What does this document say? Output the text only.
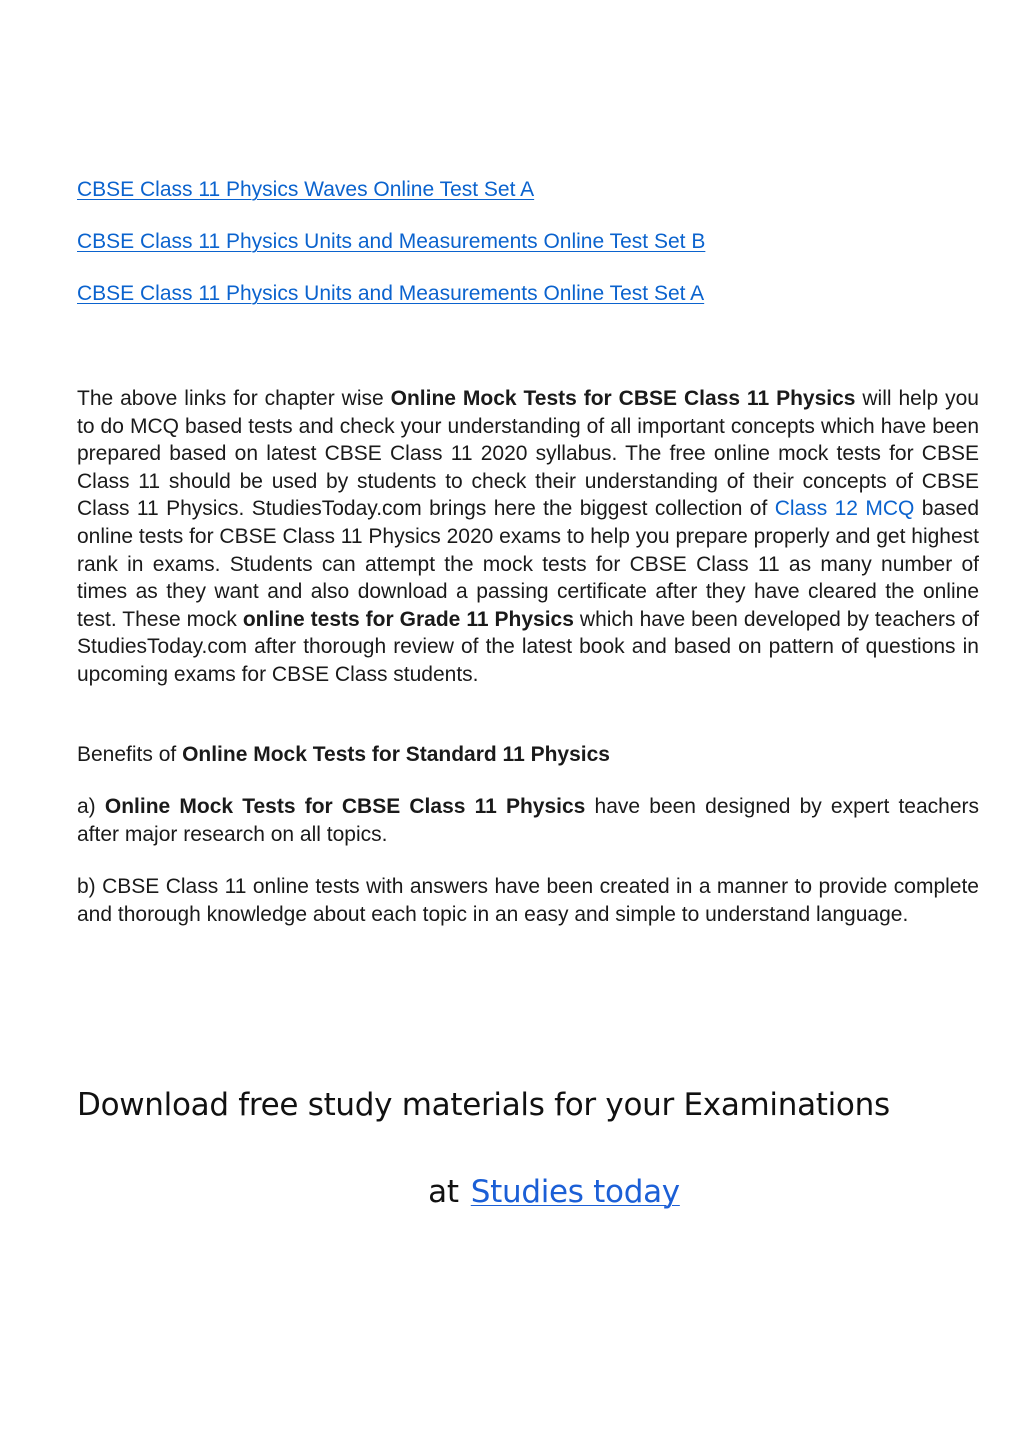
CBSE Class 11 Physics Waves Online Test Set A
CBSE Class 11 Physics Units and Measurements Online Test Set B
CBSE Class 11 Physics Units and Measurements Online Test Set A

The above links for chapter wise Online Mock Tests for CBSE Class 11 Physics will help you to do MCQ based tests and check your understanding of all important concepts which have been prepared based on latest CBSE Class 11 2020 syllabus. The free online mock tests for CBSE Class 11 should be used by students to check their understanding of their concepts of CBSE Class 11 Physics. StudiesToday.com brings here the biggest collection of Class 12 MCQ based online tests for CBSE Class 11 Physics 2020 exams to help you prepare properly and get highest rank in exams. Students can attempt the mock tests for CBSE Class 11 as many number of times as they want and also download a passing certificate after they have cleared the online test. These mock online tests for Grade 11 Physics which have been developed by teachers of StudiesToday.com after thorough review of the latest book and based on pattern of questions in upcoming exams for CBSE Class students.

Benefits of Online Mock Tests for Standard 11 Physics

a) Online Mock Tests for CBSE Class 11 Physics have been designed by expert teachers after major research on all topics.

b) CBSE Class 11 online tests with answers have been created in a manner to provide complete and thorough knowledge about each topic in an easy and simple to understand language.

Download free study materials for your Examinations

at Studies today
